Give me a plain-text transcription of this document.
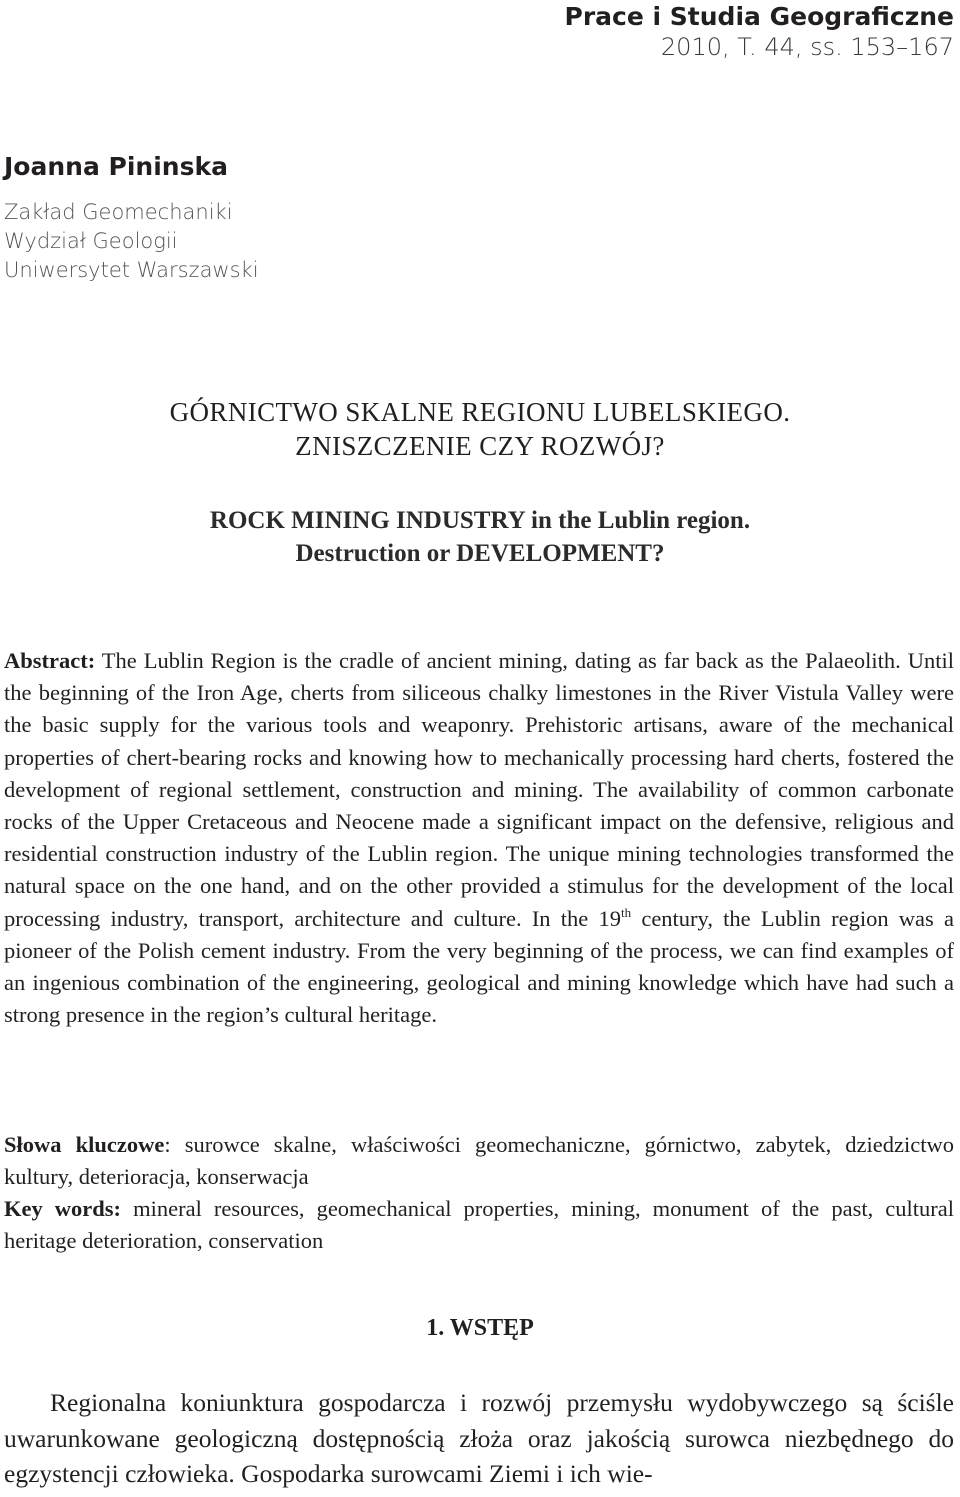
Prace i Studia Geograficzne
2010, T. 44, ss. 153–167
Joanna Pininska
Zakład Geomechaniki
Wydział Geologii
Uniwersytet Warszawski
GÓRNICTWO SKALNE REGIONU LUBELSKIEGO.
ZNISZCZENIE CZY ROZWÓJ?
ROCK MINING INDUSTRY in the Lublin region.
Destruction or DEVELOPMENT?
Abstract: The Lublin Region is the cradle of ancient mining, dating as far back as the Palaeolith. Until the beginning of the Iron Age, cherts from siliceous chalky limestones in the River Vistula Valley were the basic supply for the various tools and weaponry. Prehistoric artisans, aware of the mechanical properties of chert-bearing rocks and knowing how to mechanically processing hard cherts, fostered the development of regional settlement, construction and mining. The availability of common carbonate rocks of the Upper Cretaceous and Neocene made a significant impact on the defensive, religious and residential construction industry of the Lublin region. The unique mining technologies transformed the natural space on the one hand, and on the other provided a stimulus for the development of the local processing industry, transport, architecture and culture. In the 19th century, the Lublin region was a pioneer of the Polish cement industry. From the very beginning of the process, we can find examples of an ingenious combination of the engineering, geological and mining knowledge which have had such a strong presence in the region’s cultural heritage.
Słowa kluczowe: surowce skalne, właściwości geomechaniczne, górnictwo, zabytek, dziedzictwo kultury, deterioracja, konserwacja
Key words: mineral resources, geomechanical properties, mining, monument of the past, cultural heritage deterioration, conservation
1. WSTĘP
Regionalna koniunktura gospodarcza i rozwój przemysłu wydobywczego są ściśle uwarunkowane geologiczną dostępnością złoża oraz jakością surowca niezbędnego do egzystencji człowieka. Gospodarka surowcami Ziemi i ich wie-
